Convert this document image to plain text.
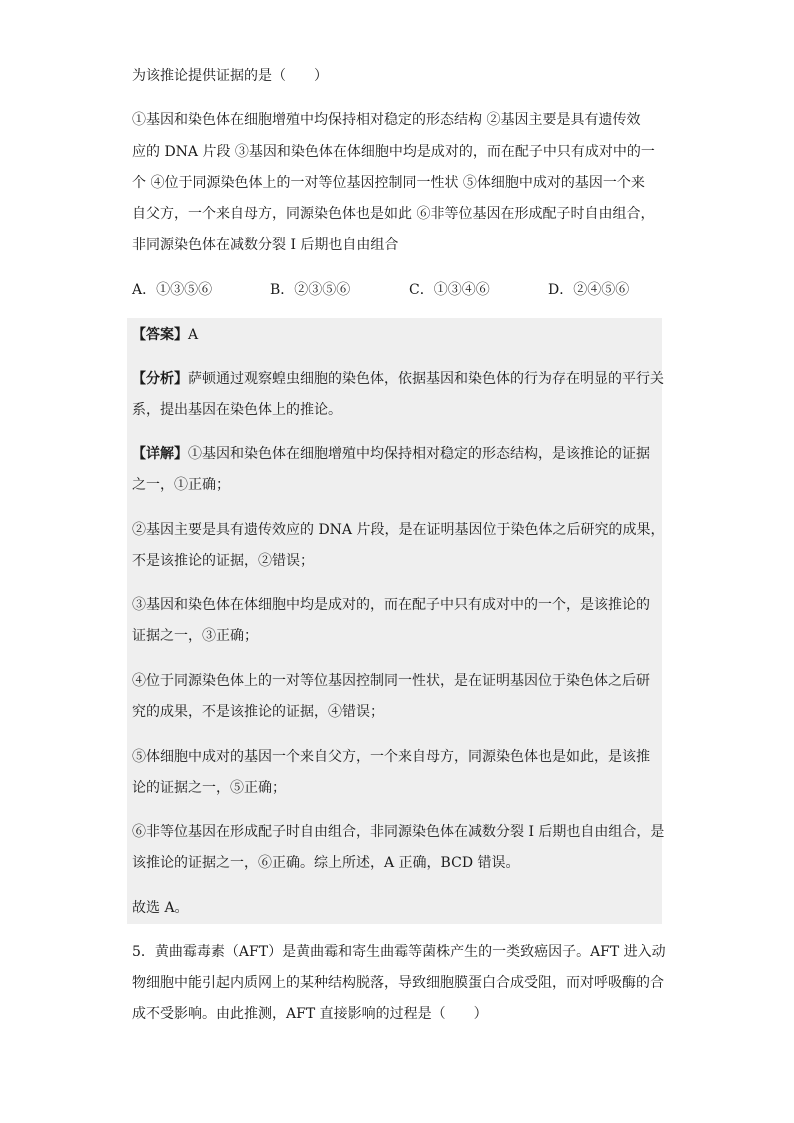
为该推论提供证据的是（　　）
①基因和染色体在细胞增殖中均保持相对稳定的形态结构 ②基因主要是具有遗传效
应的 DNA 片段 ③基因和染色体在体细胞中均是成对的，而在配子中只有成对中的一
个 ④位于同源染色体上的一对等位基因控制同一性状 ⑤体细胞中成对的基因一个来
自父方，一个来自母方，同源染色体也是如此 ⑥非等位基因在形成配子时自由组合，
非同源染色体在减数分裂 I 后期也自由组合
A．①③⑤⑥	B．②③⑤⑥	C．①③④⑥	D．②④⑤⑥
【答案】A
【分析】萨顿通过观察蝗虫细胞的染色体，依据基因和染色体的行为存在明显的平行关
系，提出基因在染色体上的推论。
【详解】①基因和染色体在细胞增殖中均保持相对稳定的形态结构，是该推论的证据
之一，①正确；
②基因主要是具有遗传效应的 DNA 片段，是在证明基因位于染色体之后研究的成果，
不是该推论的证据，②错误；
③基因和染色体在体细胞中均是成对的，而在配子中只有成对中的一个，是该推论的
证据之一，③正确；
④位于同源染色体上的一对等位基因控制同一性状，是在证明基因位于染色体之后研
究的成果，不是该推论的证据，④错误；
⑤体细胞中成对的基因一个来自父方，一个来自母方，同源染色体也是如此，是该推
论的证据之一，⑤正确；
⑥非等位基因在形成配子时自由组合，非同源染色体在减数分裂 I 后期也自由组合，是
该推论的证据之一，⑥正确。综上所述，A 正确，BCD 错误。
故选 A。
5．黄曲霉毒素（AFT）是黄曲霉和寄生曲霉等菌株产生的一类致癌因子。AFT 进入动
物细胞中能引起内质网上的某种结构脱落，导致细胞膜蛋白合成受阻，而对呼吸酶的合
成不受影响。由此推测，AFT 直接影响的过程是（　　）
